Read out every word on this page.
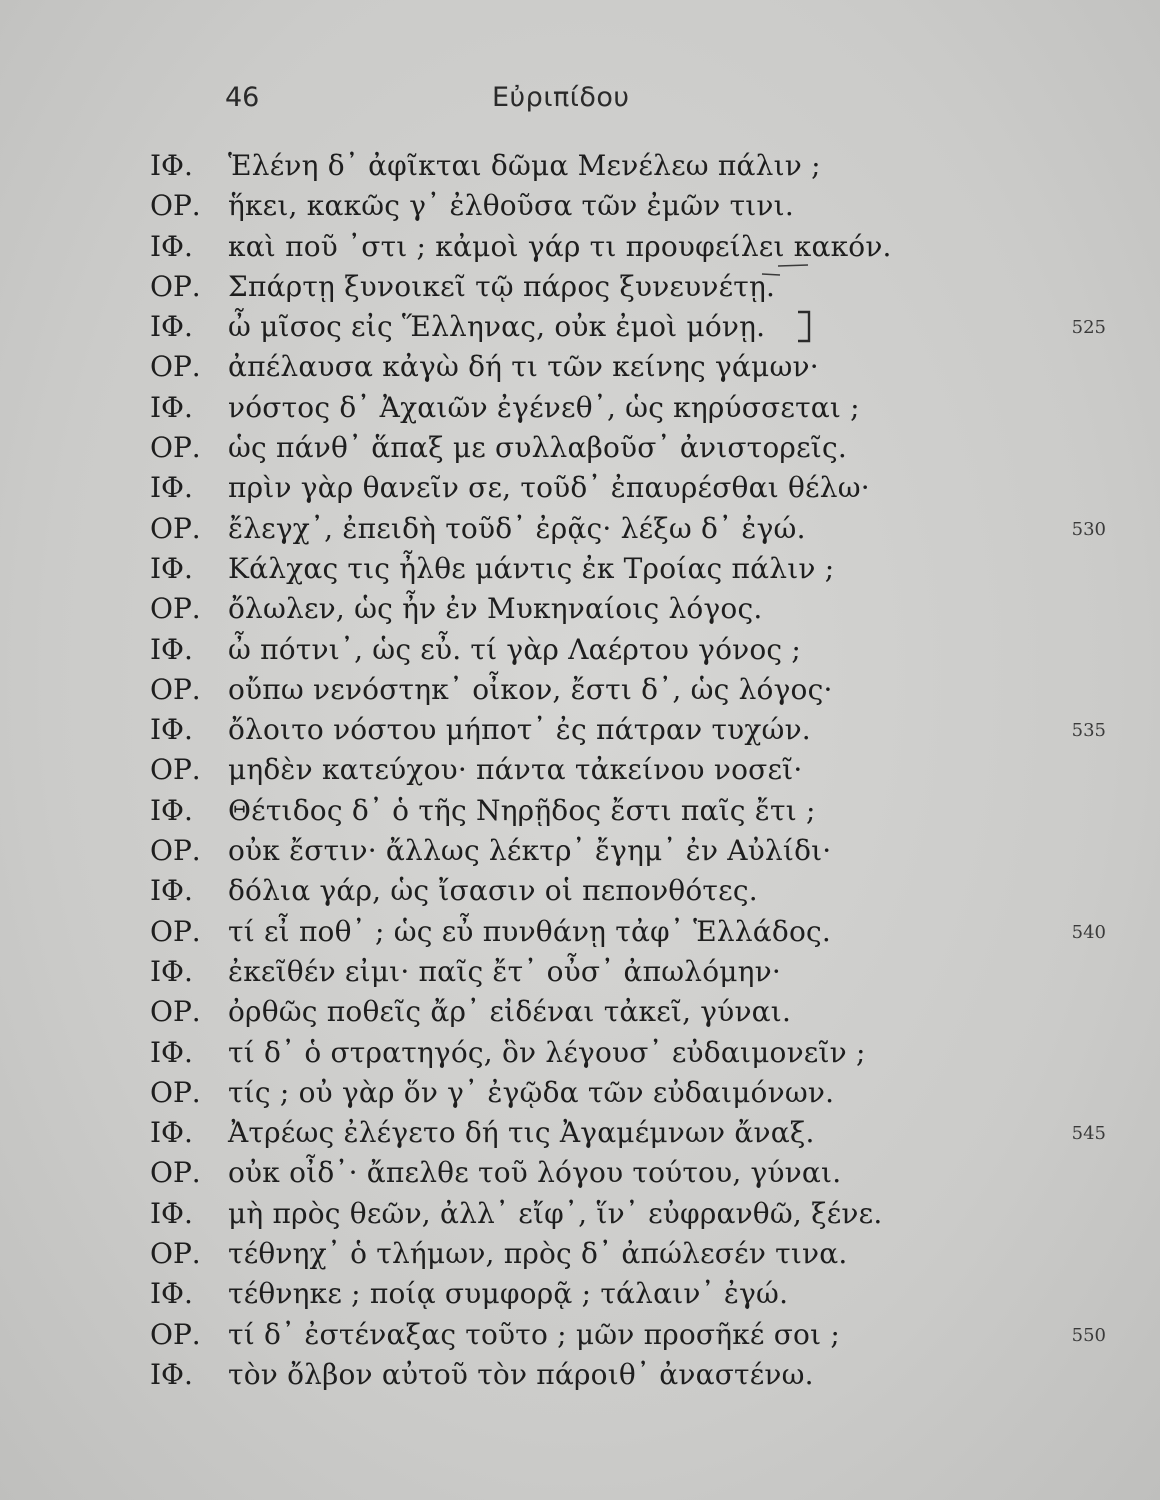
46	Εὐριπίδου
ΙΦ. Ἑλένη δ᾽ ἀφῖκται δῶμα Μενέλεω πάλιν ;
ΟΡ. ἥκει, κακῶς γ᾽ ἐλθοῦσα τῶν ἐμῶν τινι.
ΙΦ. καὶ ποῦ ᾽στι ; κἀμοὶ γάρ τι προυφείλει κακόν.
ΟΡ. Σπάρτῃ ξυνοικεῖ τῷ πάρος ξυνευνέτῃ.
ΙΦ. ὦ μῖσος εἰς Ἕλληνας, οὐκ ἐμοὶ μόνῃ.	525
ΟΡ. ἀπέλαυσα κἀγὼ δή τι τῶν κείνης γάμων·
ΙΦ. νόστος δ᾽ Ἀχαιῶν ἐγένεθ᾽, ὡς κηρύσσεται ;
ΟΡ. ὡς πάνθ᾽ ἅπαξ με συλλαβοῦσ᾽ ἀνιστορεῖς.
ΙΦ. πρὶν γὰρ θανεῖν σε, τοῦδ᾽ ἐπαυρέσθαι θέλω·
ΟΡ. ἔλεγχ᾽, ἐπειδὴ τοῦδ᾽ ἐρᾷς· λέξω δ᾽ ἐγώ.	530
ΙΦ. Κάλχας τις ἦλθε μάντις ἐκ Τροίας πάλιν ;
ΟΡ. ὄλωλεν, ὡς ἦν ἐν Μυκηναίοις λόγος.
ΙΦ. ὦ πότνι᾽, ὡς εὖ. τί γὰρ Λαέρτου γόνος ;
ΟΡ. οὔπω νενόστηκ᾽ οἶκον, ἔστι δ᾽, ὡς λόγος·
ΙΦ. ὄλοιτο νόστου μήποτ᾽ ἐς πάτραν τυχών.	535
ΟΡ. μηδὲν κατεύχου· πάντα τἀκείνου νοσεῖ·
ΙΦ. Θέτιδος δ᾽ ὁ τῆς Νηρῇδος ἔστι παῖς ἔτι ;
ΟΡ. οὐκ ἔστιν· ἄλλως λέκτρ᾽ ἔγημ᾽ ἐν Αὐλίδι·
ΙΦ. δόλια γάρ, ὡς ἴσασιν οἱ πεπονθότες.
ΟΡ. τί εἶ ποθ᾽ ; ὡς εὖ πυνθάνῃ τἀφ᾽ Ἑλλάδος.	540
ΙΦ. ἐκεῖθέν εἰμι· παῖς ἔτ᾽ οὖσ᾽ ἀπωλόμην·
ΟΡ. ὀρθῶς ποθεῖς ἄρ᾽ εἰδέναι τἀκεῖ, γύναι.
ΙΦ. τί δ᾽ ὁ στρατηγός, ὃν λέγουσ᾽ εὐδαιμονεῖν ;
ΟΡ. τίς ; οὐ γὰρ ὅν γ᾽ ἐγῷδα τῶν εὐδαιμόνων.
ΙΦ. Ἀτρέως ἐλέγετο δή τις Ἀγαμέμνων ἄναξ.	545
ΟΡ. οὐκ οἶδ᾽· ἄπελθε τοῦ λόγου τούτου, γύναι.
ΙΦ. μὴ πρὸς θεῶν, ἀλλ᾽ εἴφ᾽, ἵν᾽ εὐφρανθῶ, ξένε.
ΟΡ. τέθνηχ᾽ ὁ τλήμων, πρὸς δ᾽ ἀπώλεσέν τινα.
ΙΦ. τέθνηκε ; ποίᾳ συμφορᾷ ; τάλαιν᾽ ἐγώ.
ΟΡ. τί δ᾽ ἐστέναξας τοῦτο ; μῶν προσῆκέ σοι ;	550
ΙΦ. τὸν ὄλβον αὐτοῦ τὸν πάροιθ᾽ ἀναστένω.
